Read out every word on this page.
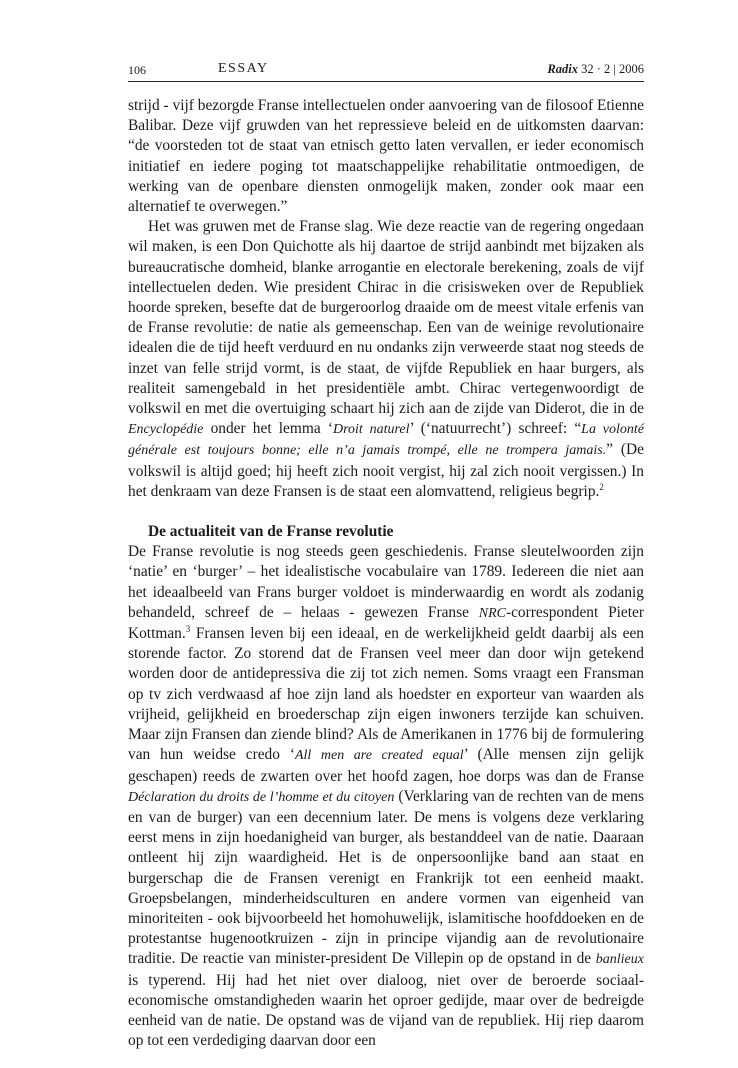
106	ESSAY	Radix 32 · 2 | 2006

strijd - vijf bezorgde Franse intellectuelen onder aanvoering van de filosoof Etienne Balibar. Deze vijf gruwden van het repressieve beleid en de uitkomsten daarvan: “de voorsteden tot de staat van etnisch getto laten vervallen, er ieder economisch initiatief en iedere poging tot maatschappelijke rehabilitatie ontmoedigen, de werking van de openbare diensten onmogelijk maken, zonder ook maar een alternatief te overwegen.”

Het was gruwen met de Franse slag. Wie deze reactie van de regering ongedaan wil maken, is een Don Quichotte als hij daartoe de strijd aanbindt met bijzaken als bureaucratische domheid, blanke arrogantie en electorale berekening, zoals de vijf intellectuelen deden. Wie president Chirac in die crisisweken over de Republiek hoorde spreken, besefte dat de burgeroorlog draaide om de meest vitale erfenis van de Franse revolutie: de natie als gemeenschap. Een van de weinige revolutionaire idealen die de tijd heeft verduurd en nu ondanks zijn verweerde staat nog steeds de inzet van felle strijd vormt, is de staat, de vijfde Republiek en haar burgers, als realiteit samengebald in het presidentiële ambt. Chirac vertegenwoordigt de volkswil en met die overtuiging schaart hij zich aan de zijde van Diderot, die in de Encyclopédie onder het lemma ‘Droit naturel’ (‘natuurrecht’) schreef: “La volonté générale est toujours bonne; elle n’a jamais trompé, elle ne trompera jamais.” (De volkswil is altijd goed; hij heeft zich nooit vergist, hij zal zich nooit vergissen.) In het denkraam van deze Fransen is de staat een alomvattend, religieus begrip.$^2$

De actualiteit van de Franse revolutie

De Franse revolutie is nog steeds geen geschiedenis. Franse sleutelwoorden zijn ‘natie’ en ‘burger’ – het idealistische vocabulaire van 1789. Iedereen die niet aan het ideaalbeeld van Frans burger voldoet is minderwaardig en wordt als zodanig behandeld, schreef de – helaas - gewezen Franse NRC-correspondent Pieter Kottman.$^3$ Fransen leven bij een ideaal, en de werkelijkheid geldt daarbij als een storende factor. Zo storend dat de Fransen veel meer dan door wijn getekend worden door de antidepressiva die zij tot zich nemen. Soms vraagt een Fransman op tv zich verdwaasd af hoe zijn land als hoedster en exporteur van waarden als vrijheid, gelijkheid en broederschap zijn eigen inwoners terzijde kan schuiven. Maar zijn Fransen dan ziende blind? Als de Amerikanen in 1776 bij de formulering van hun weidse credo ‘All men are created equal’ (Alle mensen zijn gelijk geschapen) reeds de zwarten over het hoofd zagen, hoe dorps was dan de Franse Déclaration du droits de l’homme et du citoyen (Verklaring van de rechten van de mens en van de burger) van een decennium later. De mens is volgens deze verklaring eerst mens in zijn hoedanigheid van burger, als bestanddeel van de natie. Daaraan ontleent hij zijn waardigheid. Het is de onpersoonlijke band aan staat en burgerschap die de Fransen verenigt en Frankrijk tot een eenheid maakt. Groepsbelangen, minderheidsculturen en andere vormen van eigenheid van minoriteiten - ook bijvoorbeeld het homohuwelijk, islamitische hoofddoeken en de protestantse hugenootkruizen - zijn in principe vijandig aan de revolutionaire traditie. De reactie van minister-president De Villepin op de opstand in de banlieux is typerend. Hij had het niet over dialoog, niet over de beroerde sociaal-economische omstandigheden waarin het oproer gedijde, maar over de bedreigde eenheid van de natie. De opstand was de vijand van de republiek. Hij riep daarom op tot een verdediging daarvan door een
